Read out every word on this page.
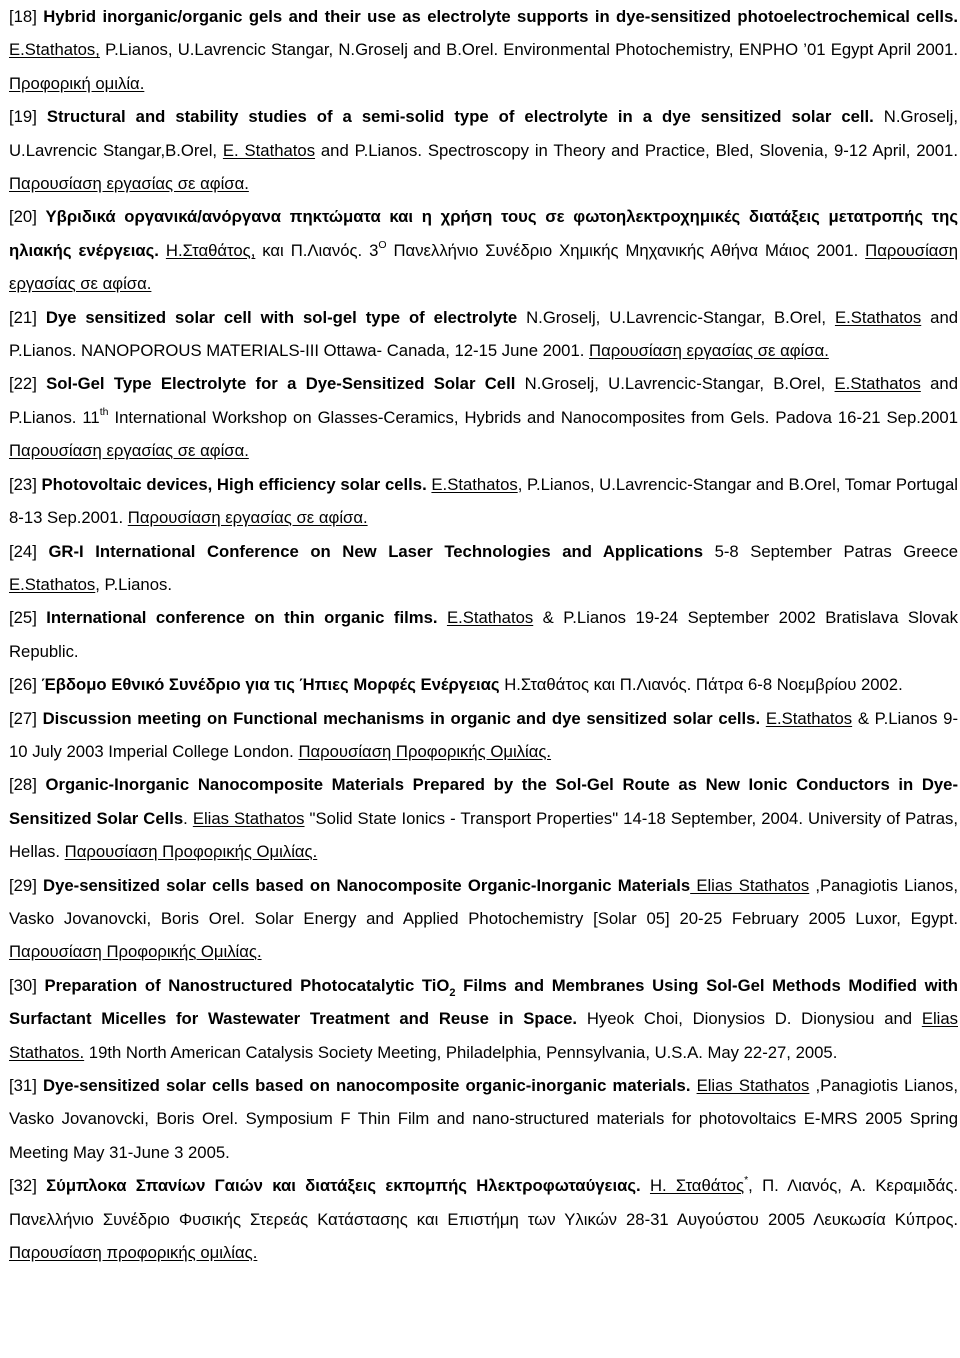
[18] Hybrid inorganic/organic gels and their use as electrolyte supports in dye-sensitized photoelectrochemical cells. E.Stathatos, P.Lianos, U.Lavrencic Stangar, N.Groselj and B.Orel. Environmental Photochemistry, ENPHO ’01 Egypt April 2001. Προφορική ομιλία.

[19] Structural and stability studies of a semi-solid type of electrolyte in a dye sensitized solar cell. N.Groselj, U.Lavrencic Stangar,B.Orel, E. Stathatos and P.Lianos. Spectroscopy in Theory and Practice, Bled, Slovenia, 9-12 April, 2001. Παρουσίαση εργασίας σε αφίσα.

[20] Υβριδικά οργανικά/ανόργανα πηκτώματα και η χρήση τους σε φωτοηλεκτροχημικές διατάξεις μετατροπής της ηλιακής ενέργειας. Η.Σταθάτος, και Π.Λιανός. $3^O$ Πανελλήνιο Συνέδριο Χημικής Μηχανικής Αθήνα Μάιος 2001. Παρουσίαση εργασίας σε αφίσα.

[21] Dye sensitized solar cell with sol-gel type of electrolyte N.Groselj, U.Lavrencic-Stangar, B.Orel, E.Stathatos and P.Lianos. NANOPOROUS MATERIALS-III Ottawa- Canada, 12-15 June 2001. Παρουσίαση εργασίας σε αφίσα.

[22] Sol-Gel Type Electrolyte for a Dye-Sensitized Solar Cell N.Groselj, U.Lavrencic-Stangar, B.Orel, E.Stathatos and P.Lianos. 11th International Workshop on Glasses-Ceramics, Hybrids and Nanocomposites from Gels. Padova 16-21 Sep.2001 Παρουσίαση εργασίας σε αφίσα.

[23] Photovoltaic devices, High efficiency solar cells. E.Stathatos, P.Lianos, U.Lavrencic-Stangar and B.Orel, Tomar Portugal 8-13 Sep.2001. Παρουσίαση εργασίας σε αφίσα.

[24] GR-I International Conference on New Laser Technologies and Applications 5-8 September Patras Greece E.Stathatos, P.Lianos.

[25] International conference on thin organic films. E.Stathatos & P.Lianos 19-24 September 2002 Bratislava Slovak Republic.

[26] Έβδομο Εθνικό Συνέδριο για τις Ήπιες Μορφές Ενέργειας Η.Σταθάτος και Π.Λιανός. Πάτρα 6-8 Νοεμβρίου 2002.

[27] Discussion meeting on Functional mechanisms in organic and dye sensitized solar cells. E.Stathatos & P.Lianos 9-10 July 2003 Imperial College London. Παρουσίαση Προφορικής Ομιλίας.

[28] Organic-Inorganic Nanocomposite Materials Prepared by the Sol-Gel Route as New Ionic Conductors in Dye-Sensitized Solar Cells. Elias Stathatos "Solid State Ionics - Transport Properties" 14-18 September, 2004. University of Patras, Hellas. Παρουσίαση Προφορικής Ομιλίας.

[29] Dye-sensitized solar cells based on Nanocomposite Organic-Inorganic Materials Elias Stathatos ,Panagiotis Lianos, Vasko Jovanovcki, Boris Orel. Solar Energy and Applied Photochemistry [Solar 05] 20-25 February 2005 Luxor, Egypt. Παρουσίαση Προφορικής Ομιλίας.

[30] Preparation of Nanostructured Photocatalytic TiO$_2$ Films and Membranes Using Sol-Gel Methods Modified with Surfactant Micelles for Wastewater Treatment and Reuse in Space. Hyeok Choi, Dionysios D. Dionysiou and Elias Stathatos. 19th North American Catalysis Society Meeting, Philadelphia, Pennsylvania, U.S.A. May 22-27, 2005.

[31] Dye-sensitized solar cells based on nanocomposite organic-inorganic materials. Elias Stathatos ,Panagiotis Lianos, Vasko Jovanovcki, Boris Orel. Symposium F Thin Film and nano-structured materials for photovoltaics E-MRS 2005 Spring Meeting May 31-June 3 2005.

[32] Σύμπλοκα Σπανίων Γαιών και διατάξεις εκπομπής Ηλεκτροφωταύγειας. Η. Σταθάτος*, Π. Λιανός, Α. Κεραμιδάς. Πανελλήνιο Συνέδριο Φυσικής Στερεάς Κατάστασης και Επιστήμη των Υλικών 28-31 Αυγούστου 2005 Λευκωσία Κύπρος. Παρουσίαση προφορικής ομιλίας.
